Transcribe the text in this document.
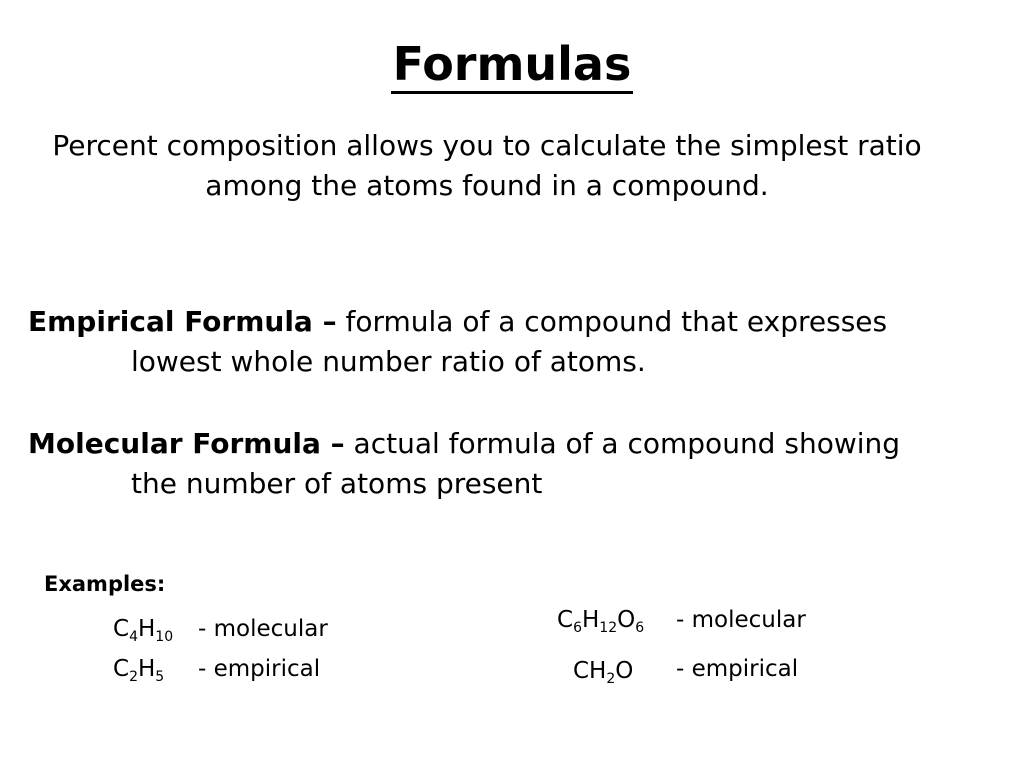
Formulas
Percent composition allows you to calculate the simplest ratio among the atoms found in a compound.
Empirical Formula – formula of a compound that expresses
lowest whole number ratio of atoms.
Molecular Formula – actual formula of a compound showing
the number of atoms present
Examples:
$C_4H_{10}$ - molecular
$C_2H_5$ - empirical
$C_6H_{12}O_6$ - molecular
$CH_2O$ - empirical
